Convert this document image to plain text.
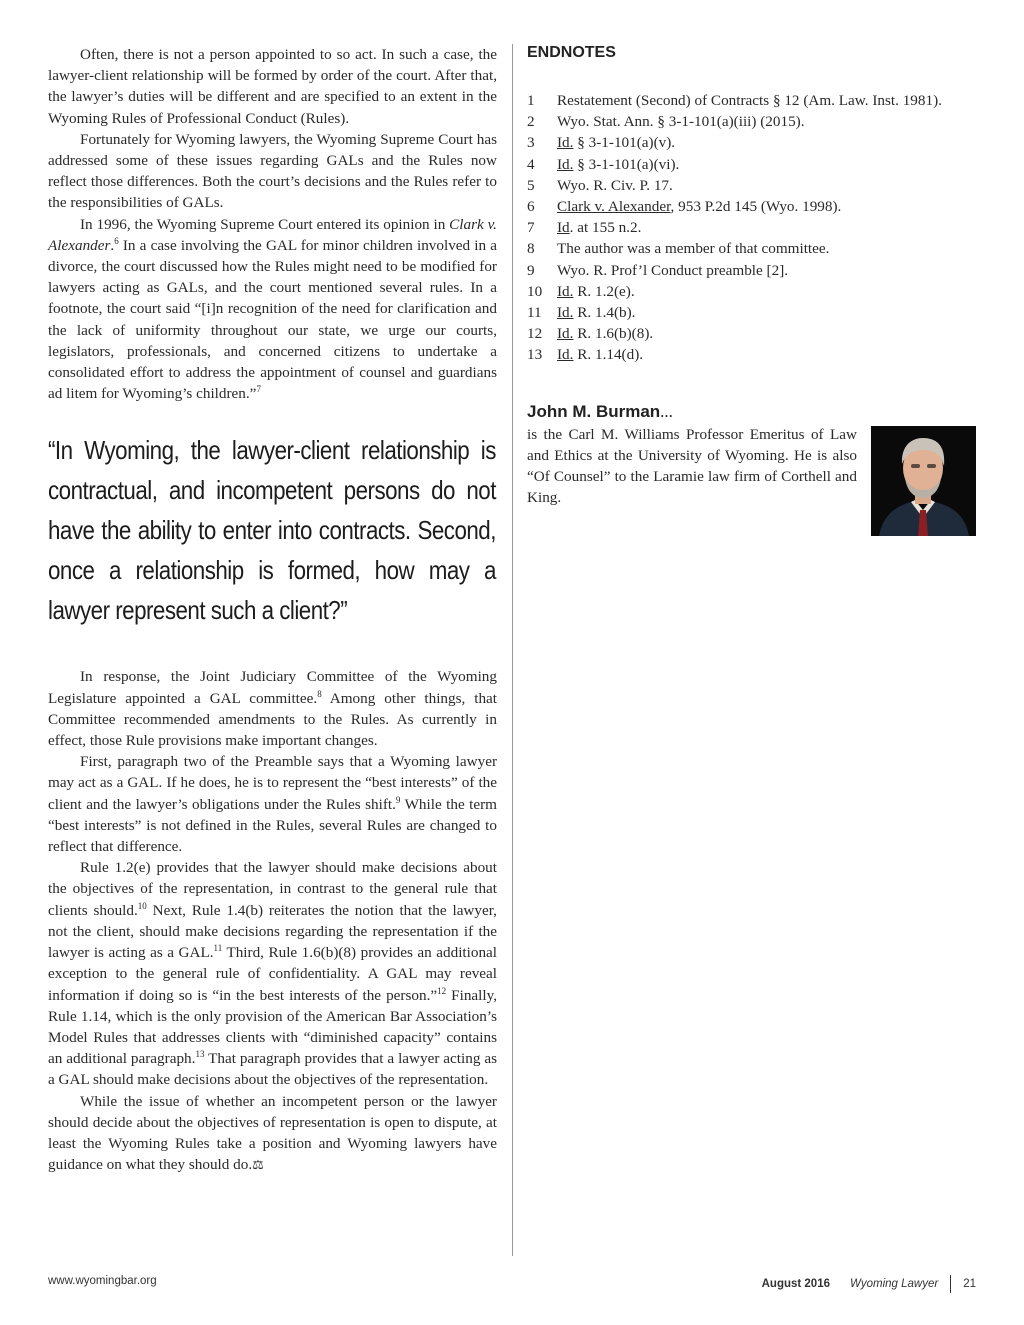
Often, there is not a person appointed to so act. In such a case, the lawyer-client relationship will be formed by order of the court. After that, the lawyer’s duties will be different and are specified to an extent in the Wyoming Rules of Professional Conduct (Rules).

Fortunately for Wyoming lawyers, the Wyoming Supreme Court has addressed some of these issues regarding GALs and the Rules now reflect those differences. Both the court’s decisions and the Rules refer to the responsibilities of GALs.

In 1996, the Wyoming Supreme Court entered its opinion in Clark v. Alexander.$^6$ In a case involving the GAL for minor children involved in a divorce, the court discussed how the Rules might need to be modified for lawyers acting as GALs, and the court mentioned several rules. In a footnote, the court said “[i]n recognition of the need for clarification and the lack of uniformity throughout our state, we urge our courts, legislators, professionals, and concerned citizens to undertake a consolidated effort to address the appointment of counsel and guardians ad litem for Wyoming’s children.”$^7$

“In Wyoming, the lawyer-client relationship is contractual, and incompetent persons do not have the ability to enter into contracts. Second, once a relationship is formed, how may a lawyer represent such a client?”

In response, the Joint Judiciary Committee of the Wyoming Legislature appointed a GAL committee.$^8$ Among other things, that Committee recommended amendments to the Rules. As currently in effect, those Rule provisions make important changes.

First, paragraph two of the Preamble says that a Wyoming lawyer may act as a GAL. If he does, he is to represent the “best interests” of the client and the lawyer’s obligations under the Rules shift.$^9$ While the term “best interests” is not defined in the Rules, several Rules are changed to reflect that difference.

Rule 1.2(e) provides that the lawyer should make decisions about the objectives of the representation, in contrast to the general rule that clients should.$^{10}$ Next, Rule 1.4(b) reiterates the notion that the lawyer, not the client, should make decisions regarding the representation if the lawyer is acting as a GAL.$^{11}$ Third, Rule 1.6(b)(8) provides an additional exception to the general rule of confidentiality. A GAL may reveal information if doing so is “in the best interests of the person.”$^{12}$ Finally, Rule 1.14, which is the only provision of the American Bar Association’s Model Rules that addresses clients with “diminished capacity” contains an additional paragraph.$^{13}$ That paragraph provides that a lawyer acting as a GAL should make decisions about the objectives of the representation.

While the issue of whether an incompetent person or the lawyer should decide about the objectives of representation is open to dispute, at least the Wyoming Rules take a position and Wyoming lawyers have guidance on what they should do.⚖

ENDNOTES
1	Restatement (Second) of Contracts § 12 (Am. Law. Inst. 1981).
2	Wyo. Stat. Ann. § 3-1-101(a)(iii) (2015).
3	Id. § 3-1-101(a)(v).
4	Id. § 3-1-101(a)(vi).
5	Wyo. R. Civ. P. 17.
6	Clark v. Alexander, 953 P.2d 145 (Wyo. 1998).
7	Id. at 155 n.2.
8	The author was a member of that committee.
9	Wyo. R. Prof’l Conduct preamble [2].
10 Id. R. 1.2(e).
11	Id. R. 1.4(b).
12 Id. R. 1.6(b)(8).
13 Id. R. 1.14(d).
John M. Burman...

is the Carl M. Williams Professor Emeritus of Law and Ethics at the University of Wyoming. He is also “Of Counsel” to the Laramie law firm of Corthell and King.

www.wyomingbar.org	August 2016 Wyoming Lawyer 21
